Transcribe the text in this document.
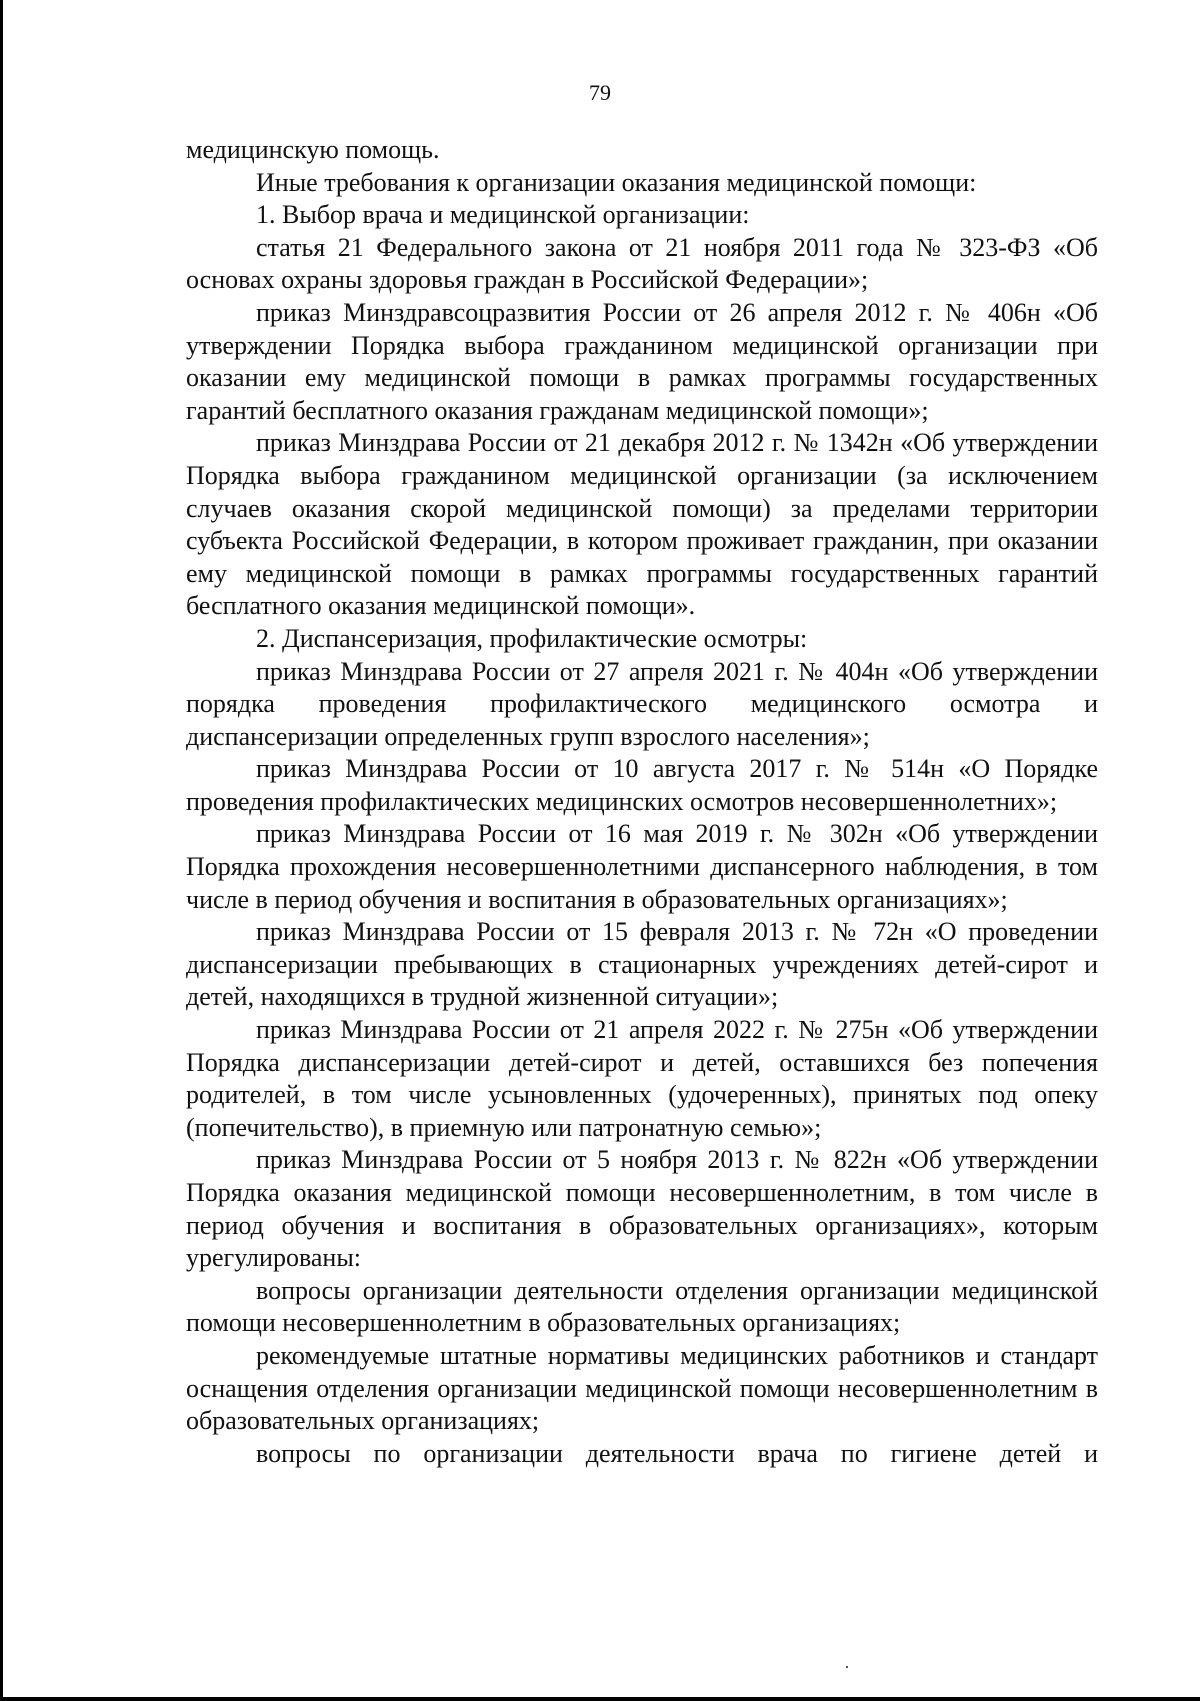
79

медицинскую помощь.

Иные требования к организации оказания медицинской помощи:

1. Выбор врача и медицинской организации:

статья 21 Федерального закона от 21 ноября 2011 года № 323-ФЗ «Об основах охраны здоровья граждан в Российской Федерации»;

приказ Минздравсоцразвития России от 26 апреля 2012 г. № 406н «Об утверждении Порядка выбора гражданином медицинской организации при оказании ему медицинской помощи в рамках программы государственных гарантий бесплатного оказания гражданам медицинской помощи»;

приказ Минздрава России от 21 декабря 2012 г. № 1342н «Об утверждении Порядка выбора гражданином медицинской организации (за исключением случаев оказания скорой медицинской помощи) за пределами территории субъекта Российской Федерации, в котором проживает гражданин, при оказании ему медицинской помощи в рамках программы государственных гарантий бесплатного оказания медицинской помощи».

2. Диспансеризация, профилактические осмотры:

приказ Минздрава России от 27 апреля 2021 г. № 404н «Об утверждении порядка проведения профилактического медицинского осмотра и диспансеризации определенных групп взрослого населения»;

приказ Минздрава России от 10 августа 2017 г. № 514н «О Порядке проведения профилактических медицинских осмотров несовершеннолетних»;

приказ Минздрава России от 16 мая 2019 г. № 302н «Об утверждении Порядка прохождения несовершеннолетними диспансерного наблюдения, в том числе в период обучения и воспитания в образовательных организациях»;

приказ Минздрава России от 15 февраля 2013 г. № 72н «О проведении диспансеризации пребывающих в стационарных учреждениях детей-сирот и детей, находящихся в трудной жизненной ситуации»;

приказ Минздрава России от 21 апреля 2022 г. № 275н «Об утверждении Порядка диспансеризации детей-сирот и детей, оставшихся без попечения родителей, в том числе усыновленных (удочеренных), принятых под опеку (попечительство), в приемную или патронатную семью»;

приказ Минздрава России от 5 ноября 2013 г. № 822н «Об утверждении Порядка оказания медицинской помощи несовершеннолетним, в том числе в период обучения и воспитания в образовательных организациях», которым урегулированы:

вопросы организации деятельности отделения организации медицинской помощи несовершеннолетним в образовательных организациях;

рекомендуемые штатные нормативы медицинских работников и стандарт оснащения отделения организации медицинской помощи несовершеннолетним в образовательных организациях;

вопросы по организации деятельности врача по гигиене детей и
